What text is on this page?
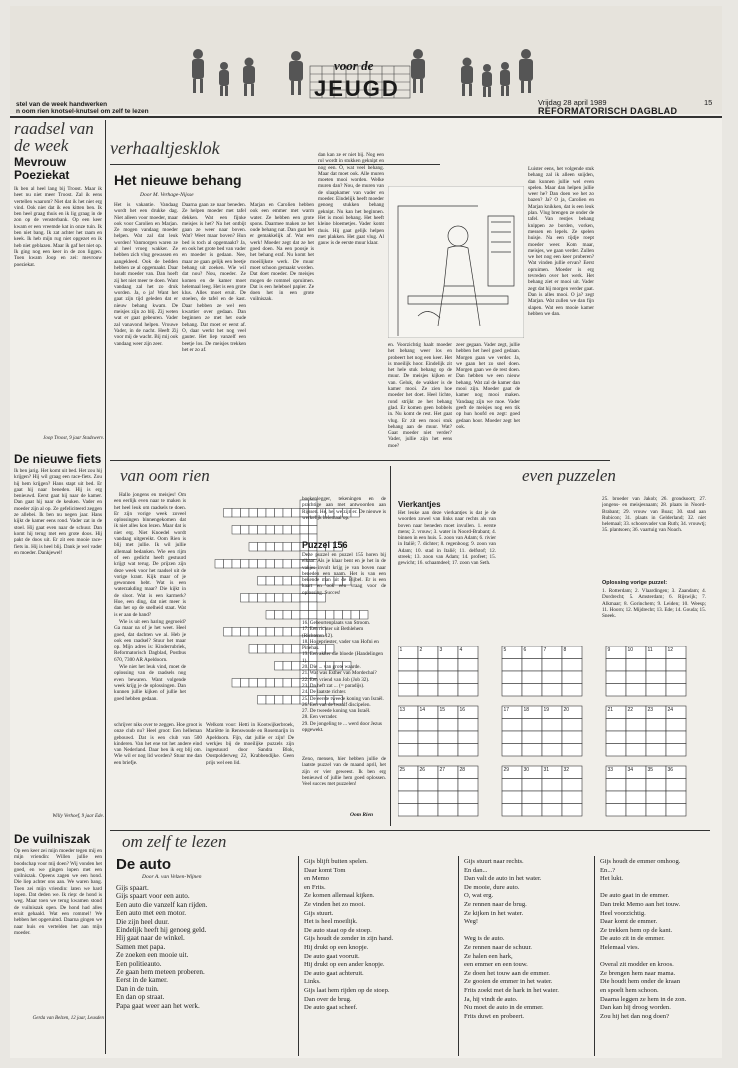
voor de
JEUGD
stel van de week handwerken
n oom rien knotsel-knutsel om zelf te lezen
Vrijdag 28 april 1989	15
REFORMATORISCH DAGBLAD
raadsel van de week
Mevrouw Poeziekat
Ik ben al heel lang bij Troost. Maar ik heet nu niet meer Troost. Zal ik eens vertellen waarom? Niet dat ik het niet erg vind. Ook niet dat ik een kitten ben. Ik ben heel graag thuis en ik lig graag in de zon op de vensterbank. Op een keer kwam er een vreemde kat in onze tuin. Ik ben niet bang. Ik zat achter het raam en keek. Ik heb mijn rug niet opgezet en ik heb niet geblazen. Maar ik gaf het niet op. Ik ging nog een keer in de zon liggen. Toen kwam Joop en zei: mevrouw poeziekat.
Joop Troost, 9 jaar Stadswerv.
De nieuwe fiets
Ik ben jarig. Het komt uit bed. Het zou hij krijgen? Hij wil graag een race-fiets. Zou hij hem krijgen? Hans stapt uit bed. Er gaat hij naar beneden. Hij is erg benieuwd. Eerst gaat hij naar de kamer. Dan gaat hij naar de keuken. Vader en moeder zijn al op. Ze gefeliciteerd zeggen ze allebei. Ik ben nu negen jaar. Hans kijkt de kamer eens rond. Vader zat in de stoel. Hij gaat even naar de schuur. Dan komt hij terug met een grote doos. Hij pakt de doos uit. Er zit een mooie race-fiets in. Hij is heel blij. Dank je wel vader en moeder. Dankjewel!
Willy Verhoef, 9 jaar Ede.
De vuilniszak
Op een keer zei mijn moeder tegen mij en mijn vriendin: Willen jullie een boodschap voor mij doen? Wij vonden het goed, en we gingen lopen met een vuilniszak. Opeens zagen we een hond. Die liep achter ons aan. We waren bang. Toen zei mijn vriendin: laten we hard lopen. Dat deden we. Ik riep: de hond is weg. Maar toen we terug kwamen stond de vuilniszak open. De hond had alles eruit gehaald. Wat een rommel! We hebben het opgeruimd. Daarna gingen we naar huis en vertelden het aan mijn moeder.
Gerda van Belzen, 12 jaar, Leusden
verhaaltjesklok
Het nieuwe behang
Door M. Verhage-Nijsse
Het is vakantie. Vandaag wordt het een drukke dag. Niet alleen voor moeder, maar ook voor Carolien en Marjan. Ze mogen vandaag moeder helpen. Wat zal dat leuk worden! Vanmorgen waren ze al heel vroeg wakker. Ze hebben zich vlug gewassen en aangekleed. Ook de bedden hebben ze al opgemaakt. Daar houdt moeder van. Dan hoeft zij het niet meer te doen. Want vandaag zal het zo druk worden. Ja, o ja! Want het gaat zijn tijd geleden dat er nieuw behang kwam. De meisjes zijn zo blij. Zij weten wat er gaat gebeuren. Vader zal vanavond helpen. Vrouwe Vader, in de nacht. Heeft Zij voor mij de wacht. Bij mij ook vandaag weer zijn zeer.
Daarna gaan ze naar beneden. Ze helpen moeder met tafel dekken. Wat een fijnke meisjes is het? Na het ontbijt gaan ze weer naar boven. Wat? Weet maar boven? Hun bed is toch al opgemaakt? Ja, en ook het grote bed van vader en moeder is gedaan. Nee, maar ze gaan gelijk een beetje behang uit zoeken. Wie wil dat nou? Nou, moeder. Ze komen en de kamer moet helemaal leeg. Het is een grote klus. Alles moet eruit. De stoelen, de tafel en de kast. Daar hebben ze wel een kwartier over gedaan. Dan beginnen ze met het oude behang. Dat moet er eerst af. O, daar werkt het nog veel gauter. Het liep vanzelf een beetje los. De meisjes trekken het er zo af.
Marjan en Carolien hebben ook een emmer met warm water. Ze hebben een grote spons. Daarmee maken ze het oude behang nat. Dan gaat het er gemakkelijk af. Wat een werk! Moeder zegt dat ze het goed doen. Na een poosje is het behang eraf. Nu komt het moeilijkste werk. De muur moet schoon gemaakt worden. Dat doet moeder. De meisjes mogen de rommel opruimen. Dat is een heleboel papier. Ze doen het in een grote vuilniszak.
dan kan ze er niet bij. Nog een rol wordt in stukken geknipt en nog een. O, wat veel behang. Maar dat moet ook. Alle muren moeten mooi worden. Welke muren dan? Nou, de muren van de slaapkamer van vader en moeder. Eindelijk heeft moeder genoeg stukken behang geknipt. Nu kan het beginnen. Het is mooi behang. Het heeft kleine bloemetjes. Vader komt thuis. Hij gaat gelijk helpen met plakken. Het gaat vlug. Al gauw is de eerste muur klaar.
en. Voorzichtig haalt moeder het behang weer los en probeert het nog een keer. Het is moeilijk hoor. Eindelijk zit het hele stuk behang op de muur. De meisjes kijken er van. Geluk, de wakker is de kamer mooi. Ze zien hoe moeder het doet. Heel lichte, rond strijkt ze het behang glad. Er komen geen bobbels in. Nu komt de rest. Het gaat vlug. Er zit een mooi stuk behang aan de muur. Wat? Gaat moeder niet verder? Vader, jullie zijn het eens moe?
zeer gegaan. Vader zegt, jullie hebben het heel goed gedaan. Morgen gaan we verder. Ja, we gaan het zo snel doen. Morgen gaan we de rest doen. Dan hebben we een nieuw behang. Wat zal de kamer dan mooi zijn. Moeder gaat de kamer nog mooi maken. Vandaag zijn we moe. Vader geeft de meisjes nog een tik op hun hoofd en zegt: goed gedaan hoor. Moeder zegt het ook.
Luister eens, het volgende stuk behang zal ik alleen snijden, dan kunnen jullie wel even spelen. Maar dan helpen jullie weer he? Dan doen we het zo bazen? Ja? O ja, Carolien en Marjan knikken, dat is een leuk plan. Vlug brengen ze onder de tafel. Van restjes behang knippen ze borden, vorken, messen en lepels. Ze spelen huisje. Na een tijdje roept moeder weer. Kom maar, meisjes, we gaan verder. Zullen we het nog een keer proberen? Wat vinden jullie ervan? Eerst opruimen. Moeder is erg tevreden over het werk. Het behang ziet er mooi uit. Vader zegt dat hij morgen verder gaat. Dan is alles mooi. O ja? zegt Marjan. Wat zullen we dan fijn slapen. Wat een mooie kamer hebben we dan.
van oom rien

Hallo jongens en meisjes! Om een eerlijk even naar te maken is het heel leuk om raadsels te doen. Er zijn vorige week zoveel oplossingen binnengekomen dat ik niet alles kon lezen. Maar dat is niet erg. Niet Knoedel wordt vandaag uitgereikt. Oom Rien is blij met jullie. Ik wil jullie allemaal bedanken. Wie een rijm of een gedicht heeft gestuurd krijgt wat terug. De prijzen zijn deze week voor het raadsel uit de vorige krant. Kijk maar of je gewonnen hebt. Wat is een waterzakding maar? Die kijkt in de sloot. Wat is een karmerk? Hoe, een ding, dat niet meer is dan het op de snelheid staat. Wat is er aan de hand?

Wie is uit een haring gegroeid? Ga maar na of je het weet. Heel goed, dat dachten we al. Heb je ook een raadsel? Stuur het maar op. Mijn adres is: Kinderrubriek, Reformatorisch Dagblad, Postbus 670, 7300 AR Apeldoorn.

Wie niet het leuk vind, moet de oplossing van de raadsels nog even bewaren. Want volgende week krijg je de oplossingen. Dan kunnen jullie kijken of jullie het goed hebben gedaan.

schrijver niks over te zeggen. Hoe groot is onze club nu? Heel groot: Een helleman gebouwd. Dat is een club van 500 kinderen. Van het ene tot het andere eind van Nederland. Daar ben ik erg blij om. Wie wil er nog lid worden? Stuur me dan een briefje.
Welkom voor: Hetti in Kootwijkerbroek, Mariëtte in Renswoude en Rosemarijn in Apeldoorn. Fijn, dat jullie er zijn! De werkjes bij de moeilijke puzzels zijn ingestuurd door Sandra Blok, Oostpolderweg 22, Krabbendijke. Geen prijs wel een lid.
boekenlegger, tekeningen en de prachtige aan met antwoorden aan Rijssen. He, he, we zijn er. De nieuwe is werkelijk helemaal op.
Puzzel 156
Deze puzzel en puzzel 155 horen bij elkaar. Als je klaar bent en je het in de vakjes invult krijg je van boven naar beneden een naam. Het is van een bekende man uit de Bijbel. Er is een kaart en ook een vraag voor de oplossing. Succes!
16. Gebeortenplaats van Stroom.
17. Een richter uit Bethlehem (Richteren 12).
18. Hogepriester, vader van Hofni en Pinehas.
19. Een akker die bloede (Handelingen 1).
20. Die ... van grote waarde.
21. Wat was Esther van Mordechai?
22. Een vriend van Job (Job 32).
23. Da heft zat ... (= paradijs).
24. De laatste richter.
25. De eerste tweede koning van Israël.
26. Een van de twaalf discipelen.
27. De tweede koning van Israël.
28. Een verrader.
29. De jongeling te ... werd door Jezus opgewekt.
Zeno, mensen, hier hebben jullie de laatste puzzel van de maand april, het zijn er vier geweest. Ik ben erg benieuwd of jullie hem goed oplossen. Veel succes met puzzelen!
Oom Rien
even puzzelen
Vierkantjes
Het leuke aan deze vierkantjes is dat je de woorden zowel van links naar rechts als van boven naar beneden moet invullen. 1. eerste mens; 2. vrouw; 3. water in Noord-Brabant; 4. binnen in een huis. 5. zoon van Adam; 6. rivier in Italië; 7. dichter; 8. regenboog; 9. zoon van Adam; 10. stad in Italië; 11. delfstof; 12. streek; 13. zoon van Adam; 14. profeet; 15. gewicht; 16. schaamdeel; 17. zoon van Seth.
25. broeder van Jakob; 26. grondsoort; 27. jongens- en meisjesnaam; 28. plaats in Noord-Brabant; 29. vrouw van Boaz; 30. stad aan Rubicon; 31. plaats in Gelderland; 32. niet helemaal; 33. schoonvader van Ruth; 34. vrouwtj; 35. plantsoen; 36. vaartuig van Noach.
Oplossing vorige puzzel:
1. Rotterdam; 2. Vlaardingen; 3. Zaandam; 4. Dordrecht; 5. Amsterdam; 6. Rijswijk; 7. Alkmaar; 8. Gorinchem; 9. Leiden; 10. Weesp; 11. Hoorn; 12. Mijdrecht; 13. Ede; 14. Gouda; 15. Sneek.
1	2	3	4	5	6	7	8	9	10	11	12
13	14	15	16	17	18	19	20	21	22	23	24
25	26	27	28	29	30	31	32	33	34	35	36
om zelf te lezen
De auto
Door A. van Velzen-Wijnen
Gijs spaart.
Gijs spaart voor een auto.
Een auto die vanzelf kan rijden.
Een auto met een motor.
Die zijn heel duur.
Eindelijk heeft hij genoeg geld.
Hij gaat naar de winkel.
Samen met papa.
Ze zoeken een mooie uit.
Een politieauto.
Ze gaan hem meteen proberen.
Eerst in de kamer.
Dan in de tuin.
En dan op straat.
Papa gaat weer aan het werk.
Gijs blijft buiten spelen.
Daar komt Tom
en Memo
en Frits.
Ze komen allemaal kijken.
Ze vinden het zo mooi.
Gijs stuurt.
Het is heel moeilijk.
De auto staat op de stoep.
Gijs houdt de zender in zijn hand.
Hij drukt op een knopje.
De auto gaat vooruit.
Hij drukt op een ander knopje.
De auto gaat achteruit.
Links.
Gijs laat hem rijden op de stoep.
Dan over de brug.
De auto gaat scheef.
Gijs stuurt naar rechts.
En dan...
Dan valt de auto in het water.
De mooie, dure auto.
O, wat erg.
Ze rennen naar de brug.
Ze kijken in het water.
Weg!

Weg is de auto.
Ze rennen naar de schuur.
Ze halen een hark,
een emmer en een touw.
Ze doen het touw aan de emmer.
Ze gooien de emmer in het water.
Frits zoekt met de hark in het water.
Ja, hij vindt de auto.
Nu moet de auto in de emmer.
Frits duwt en probeert.
Gijs houdt de emmer omhoog.
En...?
Het lukt.

De auto gaat in de emmer.
Dan trekt Memo aan het touw.
Heel voorzichtig.
Daar komt de emmer.
Ze trekken hem op de kant.
De auto zit in de emmer.
Helemaal vies.

Overal zit modder en kroos.
Ze brengen hem naar mama.
Die houdt hem onder de kraan
en spoelt hem schoon.
Daarna leggen ze hem in de zon.
Dan kan hij droog worden.
Zou hij het dan nog doen?
